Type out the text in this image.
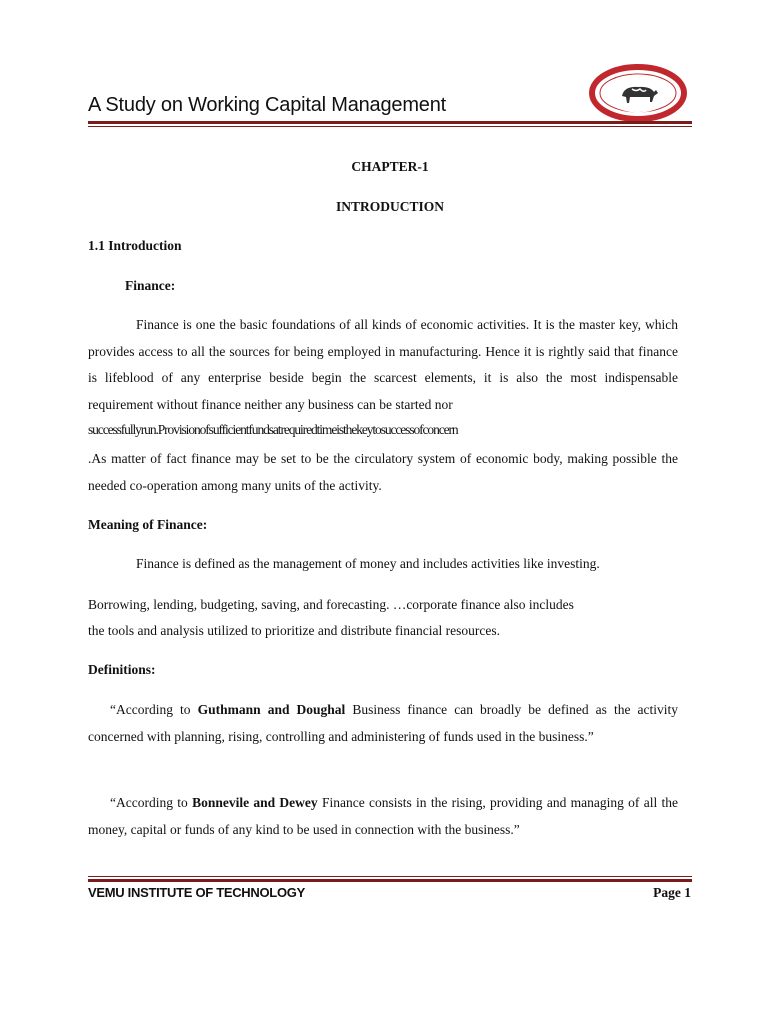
A Study on Working Capital Management
CHAPTER-1
INTRODUCTION
1.1 Introduction
Finance:
Finance is one the basic foundations of all kinds of economic activities. It is the master key, which provides access to all the sources for being employed in manufacturing. Hence it is rightly said that finance is lifeblood of any enterprise beside begin the scarcest elements, it is also the most indispensable requirement without finance neither any business can be started nor
successfullyrun.Provisionofsufficientfundsatrequiredtimeisthekeytosuccessofconcern
.As matter of fact finance may be set to be the circulatory system of economic body, making possible the needed co-operation among many units of the activity.
Meaning of Finance:
Finance is defined as the management of money and includes activities like investing.
Borrowing, lending, budgeting, saving, and forecasting. …corporate finance also includes
the tools and analysis utilized to prioritize and distribute financial resources.
Definitions:
“According to Guthmann and Doughal Business finance can broadly be defined as the activity concerned with planning, rising, controlling and administering of funds used in the business.”
“According to Bonnevile and Dewey Finance consists in the rising, providing and managing of all the money, capital or funds of any kind to be used in connection with the business.”
VEMU INSTITUTE OF TECHNOLOGY	Page 1
